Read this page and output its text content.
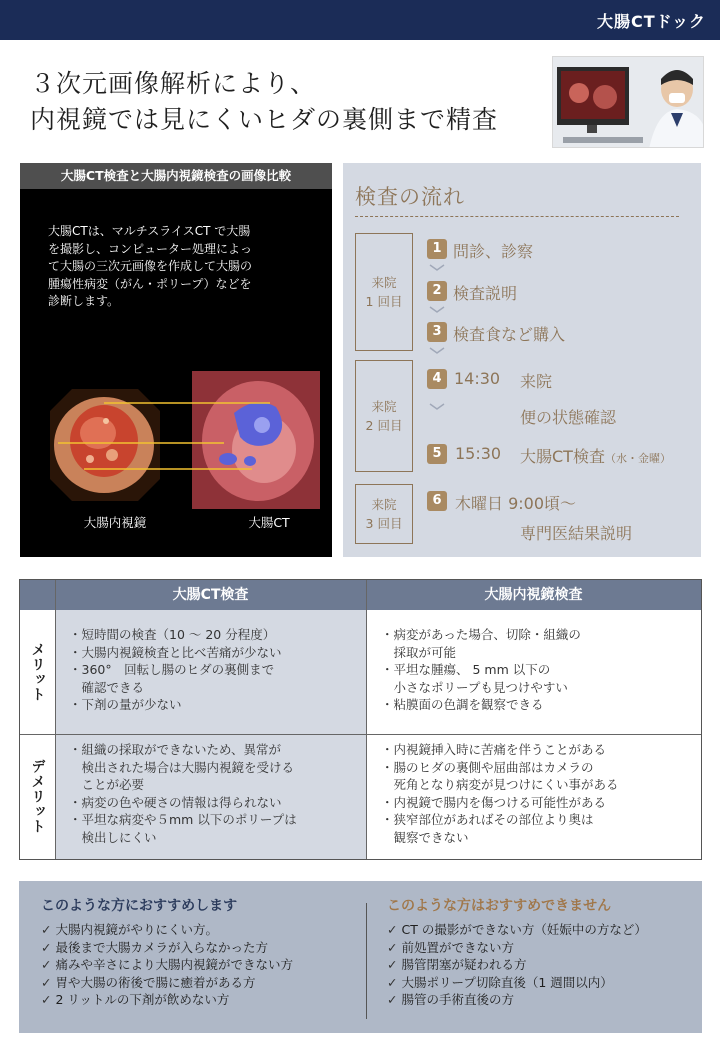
大腸CTドック
３次元画像解析により、
内視鏡では見にくいヒダの裏側まで精査
大腸CT検査と大腸内視鏡検査の画像比較
大腸CTは、マルチスライスCT で大腸
を撮影し、コンピューター処理によっ
て大腸の三次元画像を作成して大腸の
腫瘍性病変（がん・ポリープ）などを
診断します。
大腸内視鏡	大腸CT
検査の流れ
来院
1 回目
来院
2 回目
来院
3 回目
1 問診、診察
2 検査説明
3 検査食など購入
4 14:30 来院
便の状態確認
5 15:30 大腸CT検査（水・金曜）
6 木曜日 9:00頃～
専門医結果説明
大腸CT検査	大腸内視鏡検査
メリット
デメリット
・短時間の検査（10 ～ 20 分程度）
・大腸内視鏡検査と比べ苦痛が少ない
・360°　回転し腸のヒダの裏側まで
　確認できる
・下剤の量が少ない
・病変があった場合、切除・組織の
　採取が可能
・平坦な腫瘍、 5 mm 以下の
　小さなポリープも見つけやすい
・粘膜面の色調を観察できる
・組織の採取ができないため、異常が
　検出された場合は大腸内視鏡を受ける
　ことが必要
・病変の色や硬さの情報は得られない
・平坦な病変や５mm 以下のポリープは
　検出しにくい
・内視鏡挿入時に苦痛を伴うことがある
・腸のヒダの裏側や屈曲部はカメラの
　死角となり病変が見つけにくい事がある
・内視鏡で腸内を傷つける可能性がある
・狭窄部位があればその部位より奥は
　観察できない
このような方におすすめします
✓ 大腸内視鏡がやりにくい方。
✓ 最後まで大腸カメラが入らなかった方
✓ 痛みや辛さにより大腸内視鏡ができない方
✓ 胃や大腸の術後で腸に癒着がある方
✓ 2 リットルの下剤が飲めない方
このような方はおすすめできません
✓ CT の撮影ができない方（妊娠中の方など）
✓ 前処置ができない方
✓ 腸管閉塞が疑われる方
✓ 大腸ポリープ切除直後（1 週間以内）
✓ 腸管の手術直後の方
